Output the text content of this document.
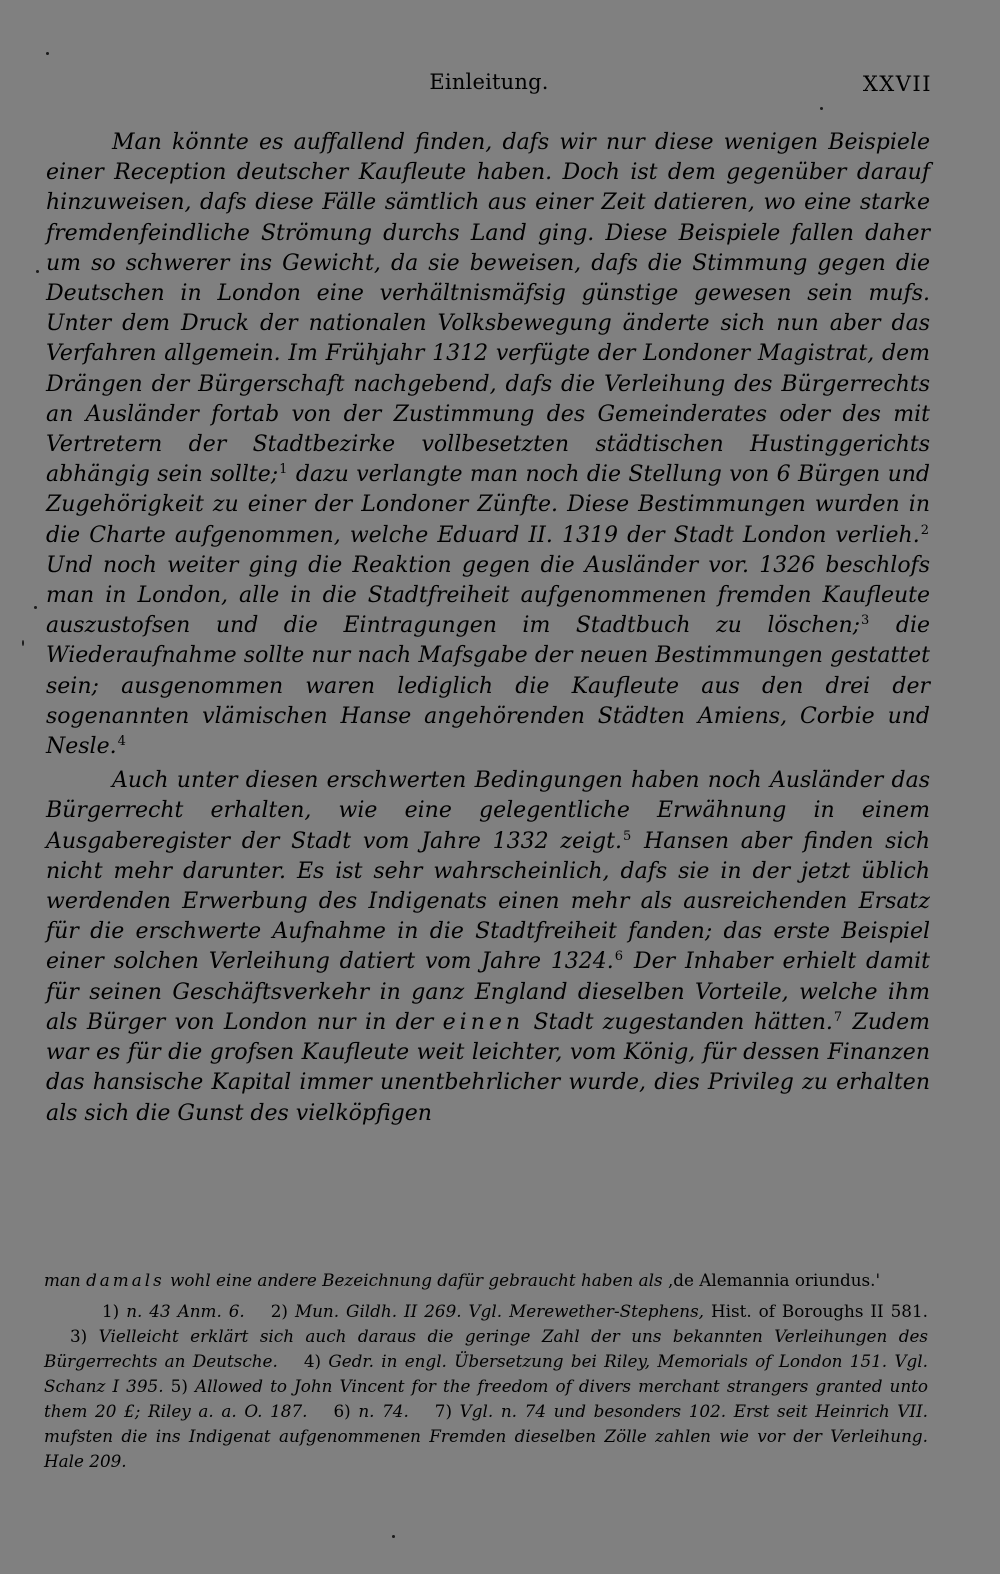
Einleitung.	XXVII

Man könnte es auffallend finden, dafs wir nur diese wenigen Beispiele einer Reception deutscher Kaufleute haben. Doch ist dem gegenüber darauf hinzuweisen, dafs diese Fälle sämtlich aus einer Zeit datieren, wo eine starke fremdenfeindliche Strömung durchs Land ging. Diese Beispiele fallen daher um so schwerer ins Gewicht, da sie beweisen, dafs die Stimmung gegen die Deutschen in London eine verhältnismäfsig günstige gewesen sein mufs. Unter dem Druck der nationalen Volksbewegung änderte sich nun aber das Verfahren allgemein. Im Frühjahr 1312 verfügte der Londoner Magistrat, dem Drängen der Bürgerschaft nachgebend, dafs die Verleihung des Bürgerrechts an Ausländer fortab von der Zustimmung des Gemeinderates oder des mit Vertretern der Stadtbezirke vollbesetzten städtischen Hustinggerichts abhängig sein sollte;$^1$ dazu verlangte man noch die Stellung von 6 Bürgen und Zugehörigkeit zu einer der Londoner Zünfte. Diese Bestimmungen wurden in die Charte aufgenommen, welche Eduard II. 1319 der Stadt London verlieh.$^2$ Und noch weiter ging die Reaktion gegen die Ausländer vor. 1326 beschlofs man in London, alle in die Stadtfreiheit aufgenommenen fremden Kaufleute auszustofsen und die Eintragungen im Stadtbuch zu löschen;$^3$ die Wiederaufnahme sollte nur nach Mafsgabe der neuen Bestimmungen gestattet sein; ausgenommen waren lediglich die Kaufleute aus den drei der sogenannten vlämischen Hanse angehörenden Städten Amiens, Corbie und Nesle.$^4$

Auch unter diesen erschwerten Bedingungen haben noch Ausländer das Bürgerrecht erhalten, wie eine gelegentliche Erwähnung in einem Ausgaberegister der Stadt vom Jahre 1332 zeigt.$^5$ Hansen aber finden sich nicht mehr darunter. Es ist sehr wahrscheinlich, dafs sie in der jetzt üblich werdenden Erwerbung des Indigenats einen mehr als ausreichenden Ersatz für die erschwerte Aufnahme in die Stadtfreiheit fanden; das erste Beispiel einer solchen Verleihung datiert vom Jahre 1324.$^6$ Der Inhaber erhielt damit für seinen Geschäftsverkehr in ganz England dieselben Vorteile, welche ihm als Bürger von London nur in der einen Stadt zugestanden hätten.$^7$ Zudem war es für die grofsen Kaufleute weit leichter, vom König, für dessen Finanzen das hansische Kapital immer unentbehrlicher wurde, dies Privileg zu erhalten als sich die Gunst des vielköpfigen

man damals wohl eine andere Bezeichnung dafür gebraucht haben als ‚de Alemannia oriundus.'

1) n. 43 Anm. 6. 2) Mun. Gildh. II 269. Vgl. Merewether-Stephens, Hist. of Boroughs II 581.3) Vielleicht erklärt sich auch daraus die geringe Zahl der uns bekannten Verleihungen des Bürgerrechts an Deutsche. 4) Gedr. in engl. Übersetzung bei Riley, Memorials of London 151. Vgl. Schanz I 395. 5) Allowed to John Vincent for the freedom of divers merchant strangers granted unto them 20 £; Riley a. a. O. 187. 6) n. 74. 7) Vgl. n. 74 und besonders 102. Erst seit Heinrich VII. mufsten die ins Indigenat aufgenommenen Fremden dieselben Zölle zahlen wie vor der Verleihung. Hale 209.
